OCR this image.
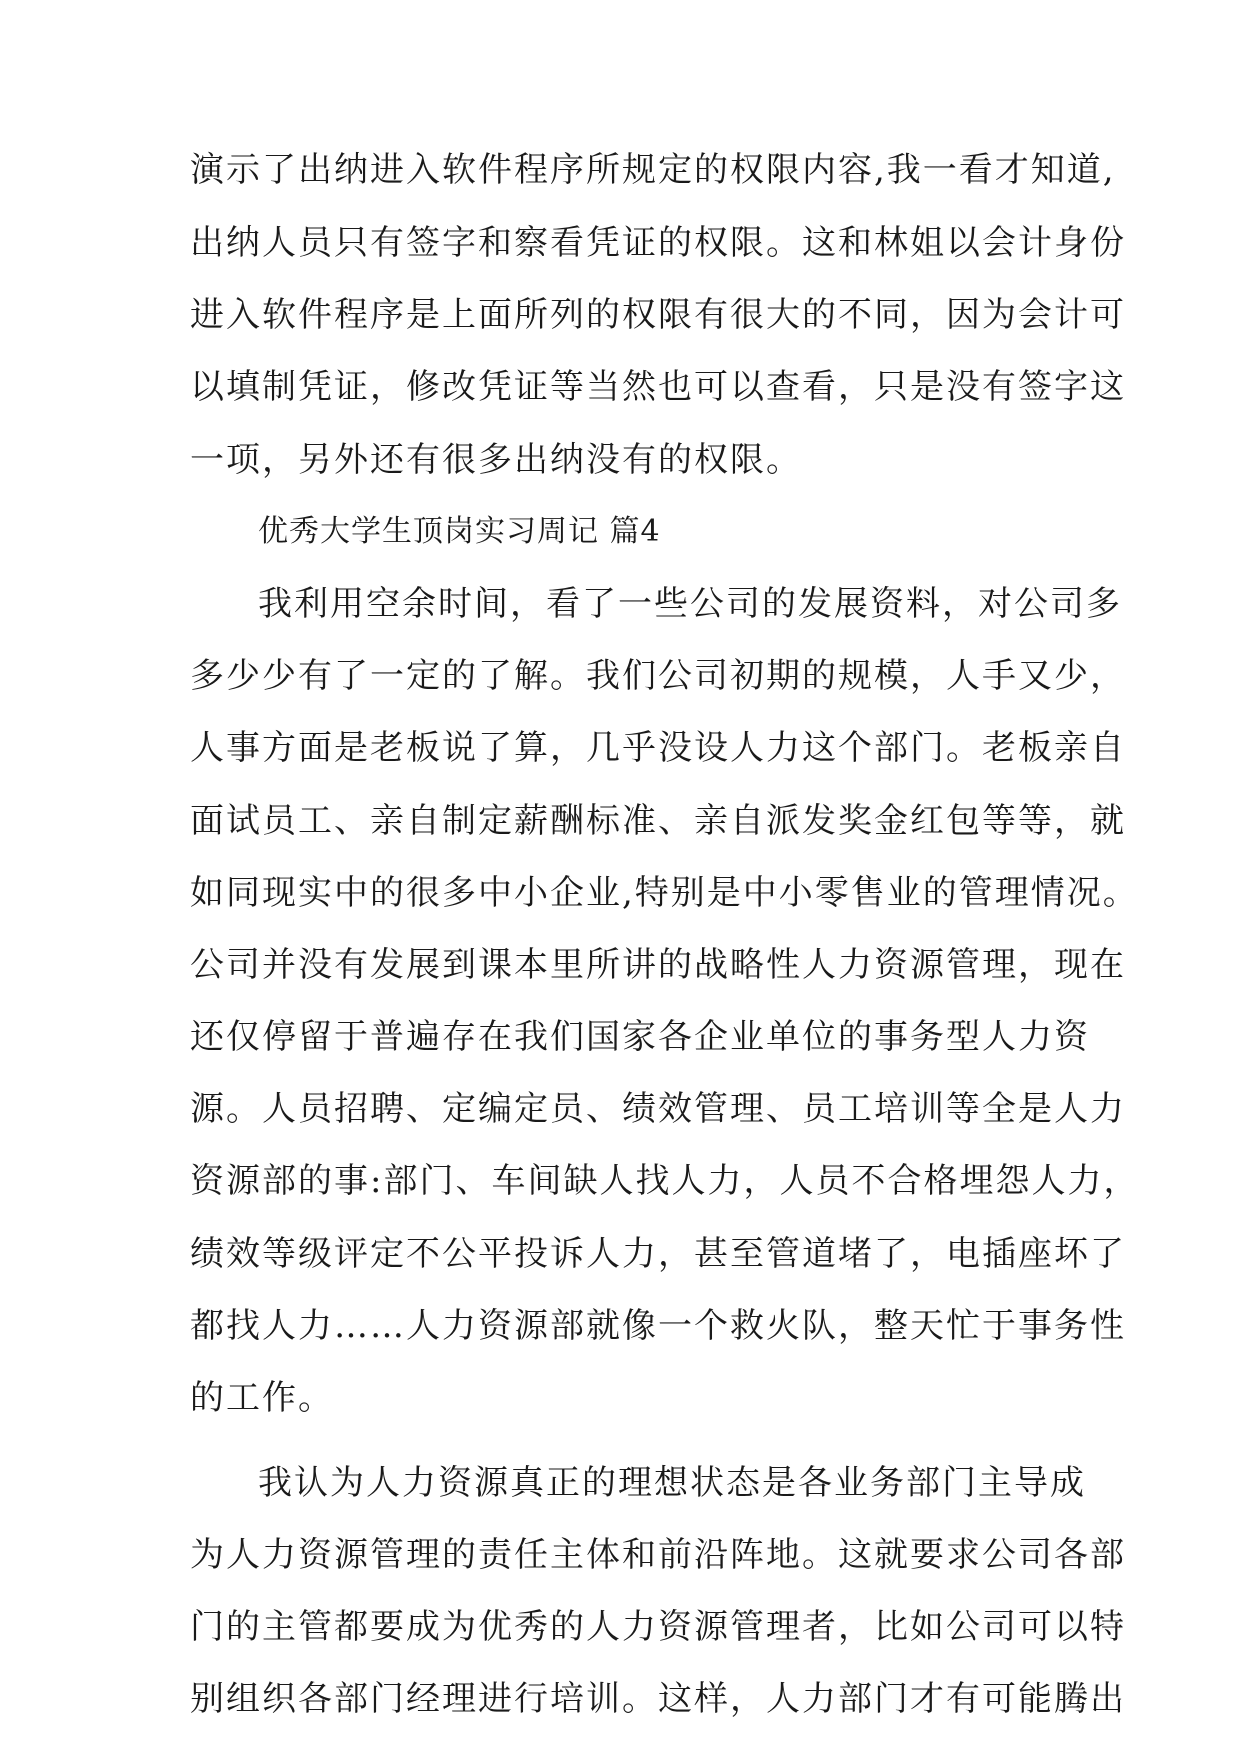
演示了出纳进入软件程序所规定的权限内容,我一看才知道,
出纳人员只有签字和察看凭证的权限。这和林姐以会计身份
进入软件程序是上面所列的权限有很大的不同，因为会计可
以填制凭证，修改凭证等当然也可以查看，只是没有签字这
一项，另外还有很多出纳没有的权限。
优秀大学生顶岗实习周记 篇4
我利用空余时间，看了一些公司的发展资料，对公司多
多少少有了一定的了解。我们公司初期的规模，人手又少，
人事方面是老板说了算，几乎没设人力这个部门。老板亲自
面试员工、亲自制定薪酬标准、亲自派发奖金红包等等，就
如同现实中的很多中小企业,特别是中小零售业的管理情况。
公司并没有发展到课本里所讲的战略性人力资源管理，现在
还仅停留于普遍存在我们国家各企业单位的事务型人力资
源。人员招聘、定编定员、绩效管理、员工培训等全是人力
资源部的事:部门、车间缺人找人力，人员不合格埋怨人力，
绩效等级评定不公平投诉人力，甚至管道堵了，电插座坏了
都找人力……人力资源部就像一个救火队，整天忙于事务性
的工作。
我认为人力资源真正的理想状态是各业务部门主导成
为人力资源管理的责任主体和前沿阵地。这就要求公司各部
门的主管都要成为优秀的人力资源管理者，比如公司可以特
别组织各部门经理进行培训。这样，人力部门才有可能腾出
